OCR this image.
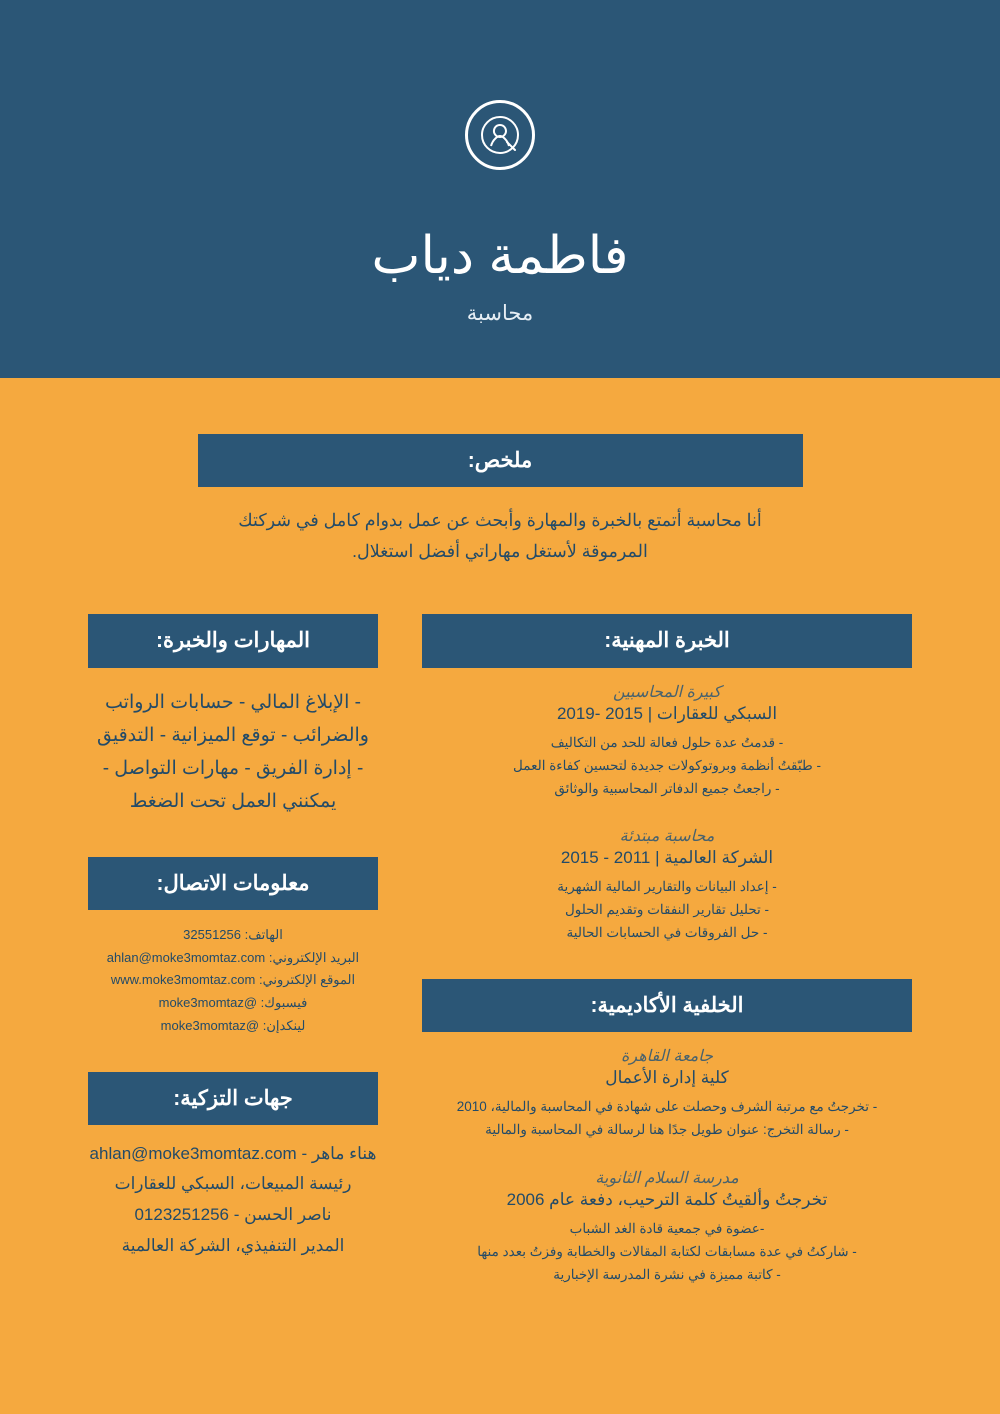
فاطمة دياب
محاسبة
ملخص:
أنا محاسبة أتمتع بالخبرة والمهارة وأبحث عن عمل بدوام كامل في شركتك المرموقة لأستغل مهاراتي أفضل استغلال.
الخبرة المهنية:
كبيرة المحاسبين
السبكي للعقارات | 2015 -2019
- قدمتُ عدة حلول فعالة للحد من التكاليف
- طبّقتُ أنظمة وبروتوكولات جديدة لتحسين كفاءة العمل
- راجعتُ جميع الدفاتر المحاسبية والوثائق
محاسبة مبتدئة
الشركة العالمية | 2011 - 2015
- إعداد البيانات والتقارير المالية الشهرية
- تحليل تقارير النفقات وتقديم الحلول
- حل الفروقات في الحسابات الحالية
الخلفية الأكاديمية:
جامعة القاهرة
كلية إدارة الأعمال
- تخرجتُ مع مرتبة الشرف وحصلت على شهادة في المحاسبة والمالية، 2010
- رسالة التخرج: عنوان طويل جدًا هنا لرسالة في المحاسبة والمالية
مدرسة السلام الثانوية
تخرجتُ وألقيتُ كلمة الترحيب، دفعة عام 2006
-عضوة في جمعية قادة الغد الشباب
- شاركتُ في عدة مسابقات لكتابة المقالات والخطابة وفزتُ بعدد منها
- كاتبة مميزة في نشرة المدرسة الإخبارية
المهارات والخبرة:
- الإبلاغ المالي - حسابات الرواتب والضرائب - توقع الميزانية - التدقيق - إدارة الفريق - مهارات التواصل - يمكنني العمل تحت الضغط
معلومات الاتصال:
الهاتف: 32551256
البريد الإلكتروني: ahlan@moke3momtaz.com
الموقع الإلكتروني: www.moke3momtaz.com
فيسبوك: @moke3momtaz
لينكدإن: @moke3momtaz
جهات التزكية:
هناء ماهر - ahlan@moke3momtaz.com
رئيسة المبيعات، السبكي للعقارات
ناصر الحسن - 0123251256
المدير التنفيذي، الشركة العالمية
